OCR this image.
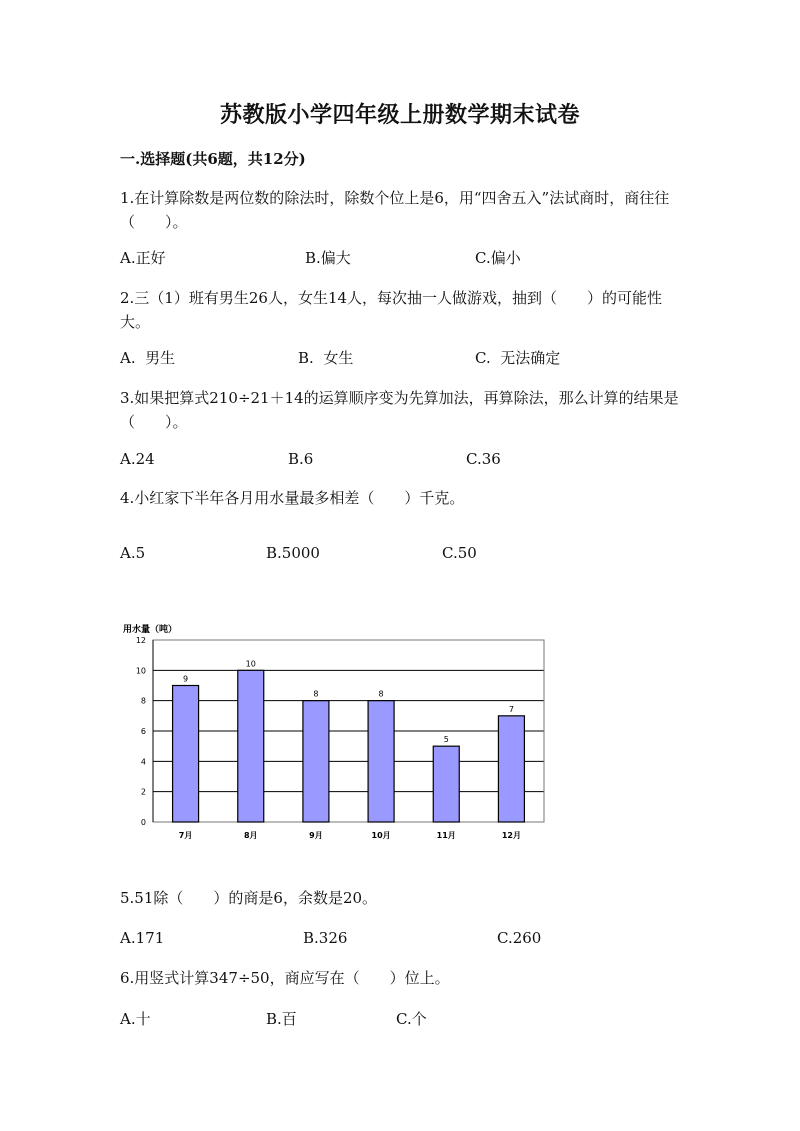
苏教版小学四年级上册数学期末试卷
一.选择题(共6题，共12分)
1.在计算除数是两位数的除法时，除数个位上是6，用“四舍五入”法试商时，商往往（　　）。
A.正好	B.偏大	C.偏小
2.三（1）班有男生26人，女生14人，每次抽一人做游戏，抽到（　　）的可能性大。
A.  男生	B.  女生	C.  无法确定
3.如果把算式210÷21＋14的运算顺序变为先算加法，再算除法，那么计算的结果是（　　）。
A.24	B.6	C.36
4.小红家下半年各月用水量最多相差（　　）千克。
A.5	B.5000	C.50
用水量（吨）
0
2
4
6
8
10
12
9
7月
10
8月
8
9月
8
10月
5
11月
7
12月
5.51除（　　）的商是6，余数是20。
A.171	B.326	C.260
6.用竖式计算347÷50，商应写在（　　）位上。
A.十	B.百	C.个
